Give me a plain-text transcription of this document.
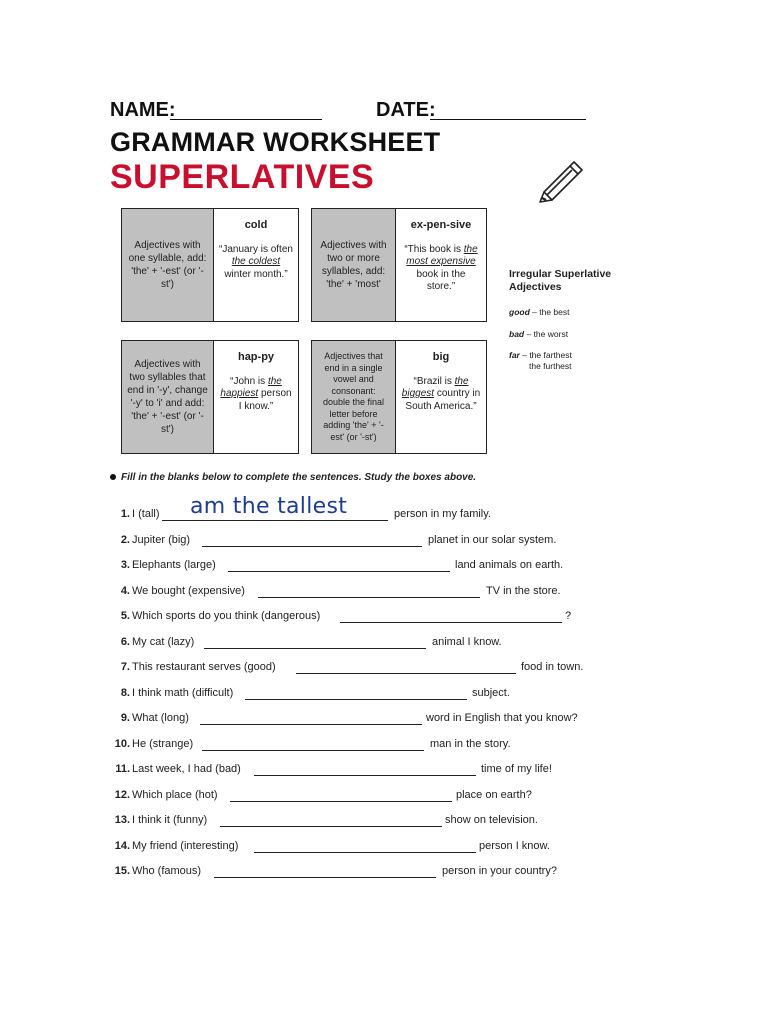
NAME:	DATE:
GRAMMAR WORKSHEET
SUPERLATIVES
Adjectives with one syllable, add: 'the' + '-est' (or '-st')
cold
“January is often the coldest winter month.”
Adjectives with two or more syllables, add: 'the' + 'most'
ex-pen-sive
“This book is the most expensive book in the store.”
Adjectives with two syllables that end in '-y', change '-y' to 'i' and add: 'the' + '-est' (or '-st')
hap-py
“John is the happiest person I know.”
Adjectives that end in a single vowel and consonant: double the final letter before adding 'the' + '-est' (or '-st')
big
“Brazil is the biggest country in South America.”
Irregular Superlative Adjectives
good – the best
bad – the worst
far – the farthest
the furthest
Fill in the blanks below to complete the sentences. Study the boxes above.
1. I (tall)	person in my family.
am the tallest
2. Jupiter (big)	planet in our solar system.
3. Elephants (large)	land animals on earth.
4. We bought (expensive)	TV in the store.
5. Which sports do you think (dangerous)	?
6. My cat (lazy)	animal I know.
7. This restaurant serves (good)	food in town.
8. I think math (difficult)	subject.
9. What (long)	word in English that you know?
10. He (strange)	man in the story.
11. Last week, I had (bad)	time of my life!
12. Which place (hot)	place on earth?
13. I think it (funny)	show on television.
14. My friend (interesting)	person I know.
15. Who (famous)	person in your country?
